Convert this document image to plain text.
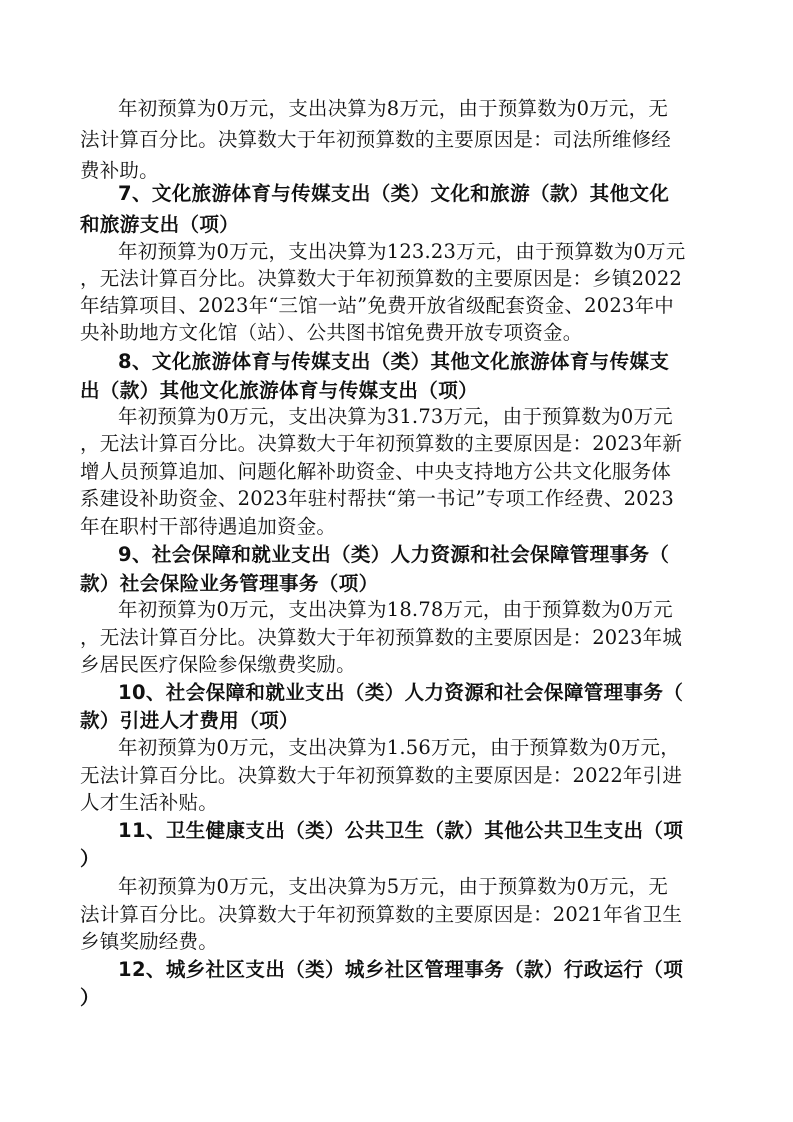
年初预算为0万元，支出决算为8万元，由于预算数为0万元，无
法计算百分比。决算数大于年初预算数的主要原因是：司法所维修经
费补助。
7、文化旅游体育与传媒支出（类）文化和旅游（款）其他文化
和旅游支出（项）
年初预算为0万元，支出决算为123.23万元，由于预算数为0万元
，无法计算百分比。决算数大于年初预算数的主要原因是：乡镇2022
年结算项目、2023年“三馆一站”免费开放省级配套资金、2023年中
央补助地方文化馆（站）、公共图书馆免费开放专项资金。
8、文化旅游体育与传媒支出（类）其他文化旅游体育与传媒支
出（款）其他文化旅游体育与传媒支出（项）
年初预算为0万元，支出决算为31.73万元，由于预算数为0万元
，无法计算百分比。决算数大于年初预算数的主要原因是：2023年新
增人员预算追加、问题化解补助资金、中央支持地方公共文化服务体
系建设补助资金、2023年驻村帮扶“第一书记”专项工作经费、2023
年在职村干部待遇追加资金。
9、社会保障和就业支出（类）人力资源和社会保障管理事务（
款）社会保险业务管理事务（项）
年初预算为0万元，支出决算为18.78万元，由于预算数为0万元
，无法计算百分比。决算数大于年初预算数的主要原因是：2023年城
乡居民医疗保险参保缴费奖励。
10、社会保障和就业支出（类）人力资源和社会保障管理事务（
款）引进人才费用（项）
年初预算为0万元，支出决算为1.56万元，由于预算数为0万元，
无法计算百分比。决算数大于年初预算数的主要原因是：2022年引进
人才生活补贴。
11、卫生健康支出（类）公共卫生（款）其他公共卫生支出（项
）
年初预算为0万元，支出决算为5万元，由于预算数为0万元，无
法计算百分比。决算数大于年初预算数的主要原因是：2021年省卫生
乡镇奖励经费。
12、城乡社区支出（类）城乡社区管理事务（款）行政运行（项
）
